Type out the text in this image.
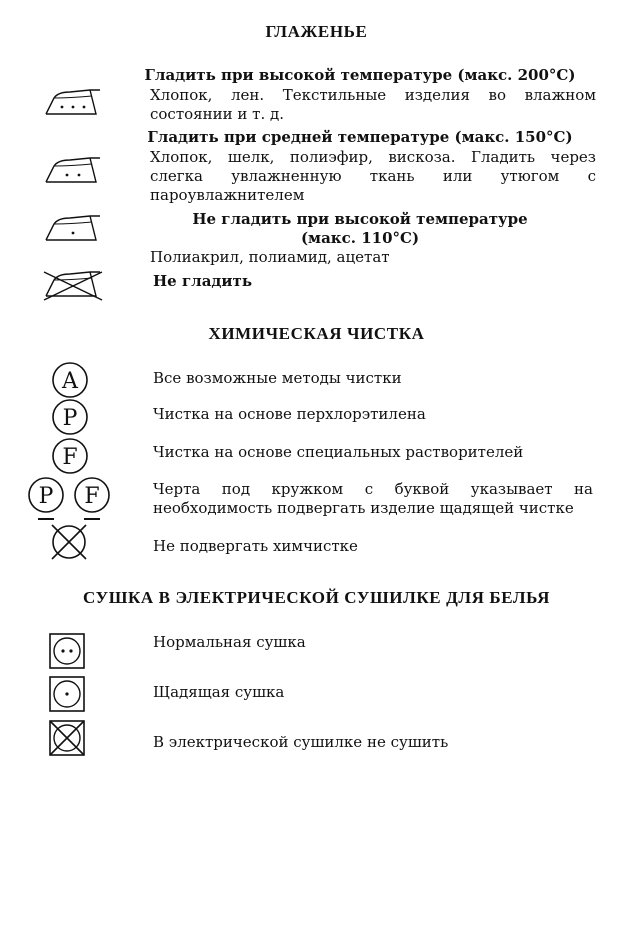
ГЛАЖЕНЬЕ
Гладить при высокой температуре (макс. 200°С)
Хлопок, лен. Текстильные изделия во влажном состоянии и т. д.
Гладить при средней температуре (макс. 150°С)
Хлопок, шелк, полиэфир, вискоза. Гладить через слегка увлажненную ткань или утюгом с пароувлажнителем
Не гладить при высокой температуре
(макс. 110°С)
Полиакрил, полиамид, ацетат
Не гладить
ХИМИЧЕСКАЯ ЧИСТКА
A	Все возможные методы чистки
P	Чистка на основе перхлорэтилена
F	Чистка на основе специальных растворителей
P F	Черта под кружком с буквой указывает на необходимость подвергать изделие щадящей чистке
Не подвергать химчистке
СУШКА В ЭЛЕКТРИЧЕСКОЙ СУШИЛКЕ ДЛЯ БЕЛЬЯ
Нормальная сушка
Щадящая сушка
В электрической сушилке не сушить
